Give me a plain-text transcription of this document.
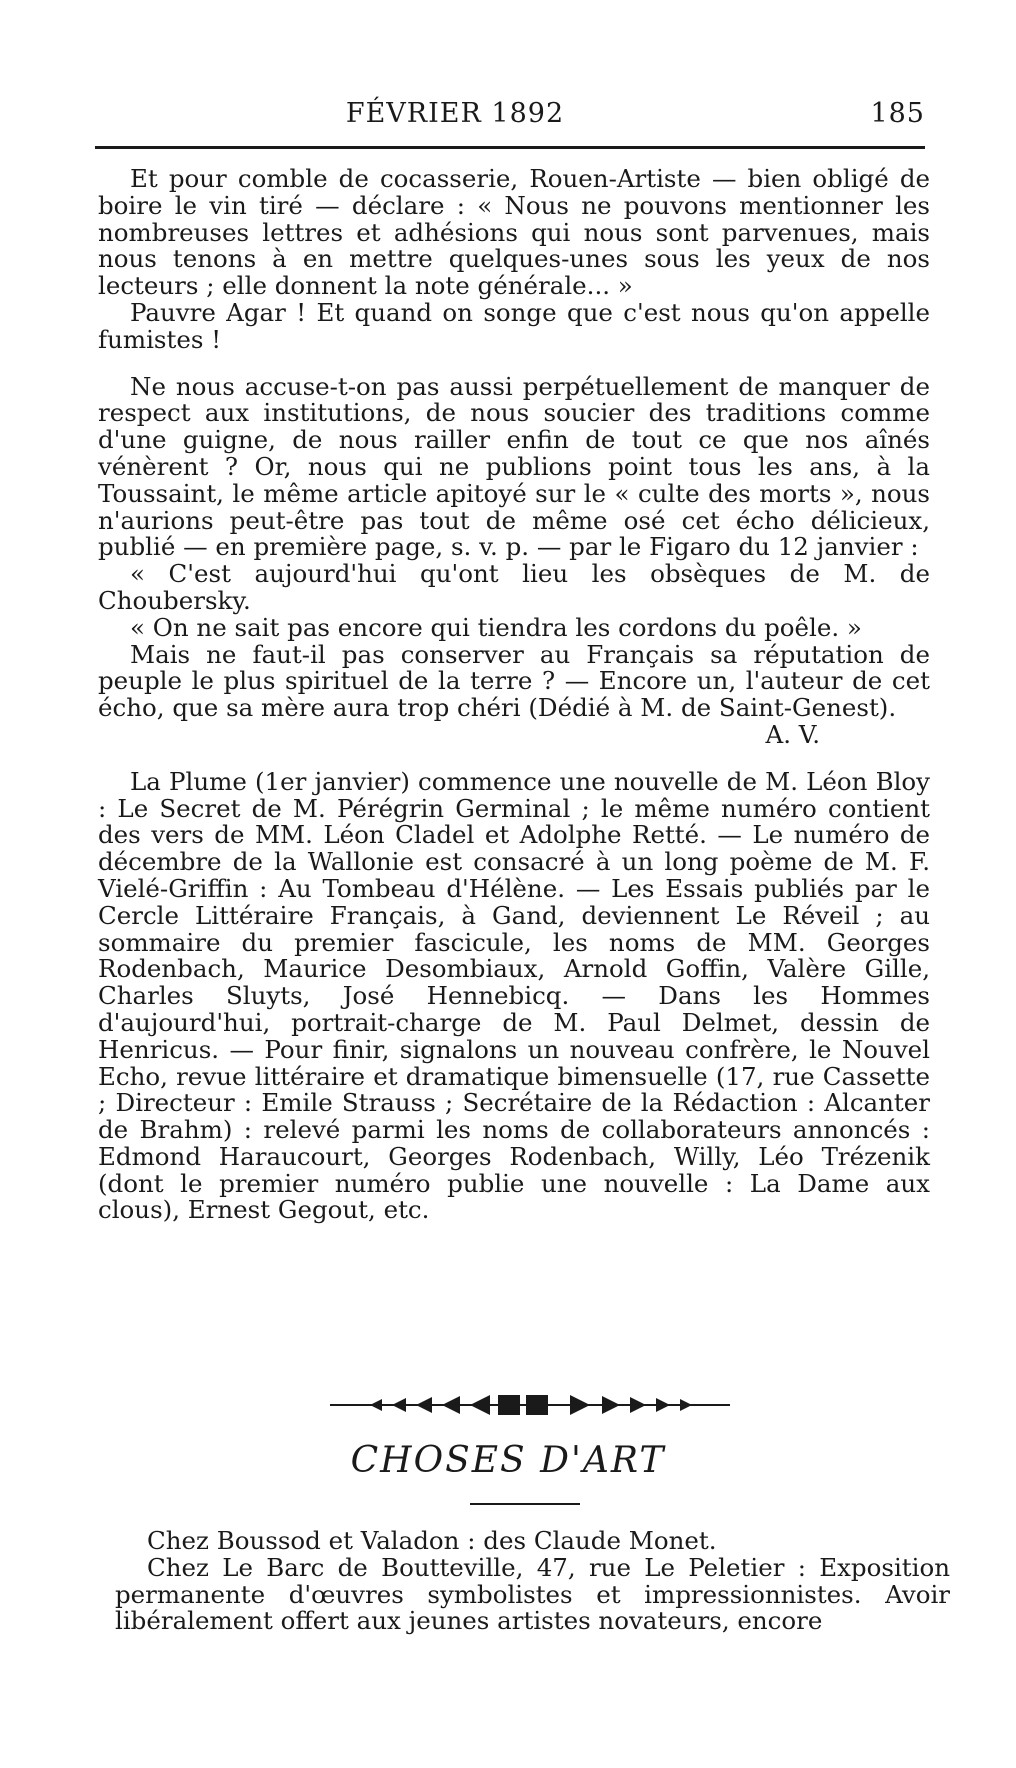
FÉVRIER 1892	185

Et pour comble de cocasserie, Rouen-Artiste — bien obligé de boire le vin tiré — déclare : « Nous ne pouvons mentionner les nombreuses lettres et adhésions qui nous sont parvenues, mais nous tenons à en mettre quelques-unes sous les yeux de nos lecteurs ; elle donnent la note générale... »

Pauvre Agar ! Et quand on songe que c'est nous qu'on appelle fumistes !

Ne nous accuse-t-on pas aussi perpétuellement de manquer de respect aux institutions, de nous soucier des traditions comme d'une guigne, de nous railler enfin de tout ce que nos aînés vénèrent ? Or, nous qui ne publions point tous les ans, à la Toussaint, le même article apitoyé sur le « culte des morts », nous n'aurions peut-être pas tout de même osé cet écho délicieux, publié — en première page, s. v. p. — par le Figaro du 12 janvier :

« C'est aujourd'hui qu'ont lieu les obsèques de M. de Choubersky.

« On ne sait pas encore qui tiendra les cordons du poêle. »

Mais ne faut-il pas conserver au Français sa réputation de peuple le plus spirituel de la terre ? — Encore un, l'auteur de cet écho, que sa mère aura trop chéri (Dédié à M. de Saint-Genest).

A. V.

La Plume (1er janvier) commence une nouvelle de M. Léon Bloy : Le Secret de M. Pérégrin Germinal ; le même numéro contient des vers de MM. Léon Cladel et Adolphe Retté. — Le numéro de décembre de la Wallonie est consacré à un long poème de M. F. Vielé-Griffin : Au Tombeau d'Hélène. — Les Essais publiés par le Cercle Littéraire Français, à Gand, deviennent Le Réveil ; au sommaire du premier fascicule, les noms de MM. Georges Rodenbach, Maurice Desombiaux, Arnold Goffin, Valère Gille, Charles Sluyts, José Hennebicq. — Dans les Hommes d'aujourd'hui, portrait-charge de M. Paul Delmet, dessin de Henricus. — Pour finir, signalons un nouveau confrère, le Nouvel Echo, revue littéraire et dramatique bimensuelle (17, rue Cassette ; Directeur : Emile Strauss ; Secrétaire de la Rédaction : Alcanter de Brahm) : relevé parmi les noms de collaborateurs annoncés : Edmond Haraucourt, Georges Rodenbach, Willy, Léo Trézenik (dont le premier numéro publie une nouvelle : La Dame aux clous), Ernest Gegout, etc.

CHOSES D'ART

Chez Boussod et Valadon : des Claude Monet.

Chez Le Barc de Boutteville, 47, rue Le Peletier : Exposition permanente d'œuvres symbolistes et impressionnistes. Avoir libéralement offert aux jeunes artistes novateurs, encore
